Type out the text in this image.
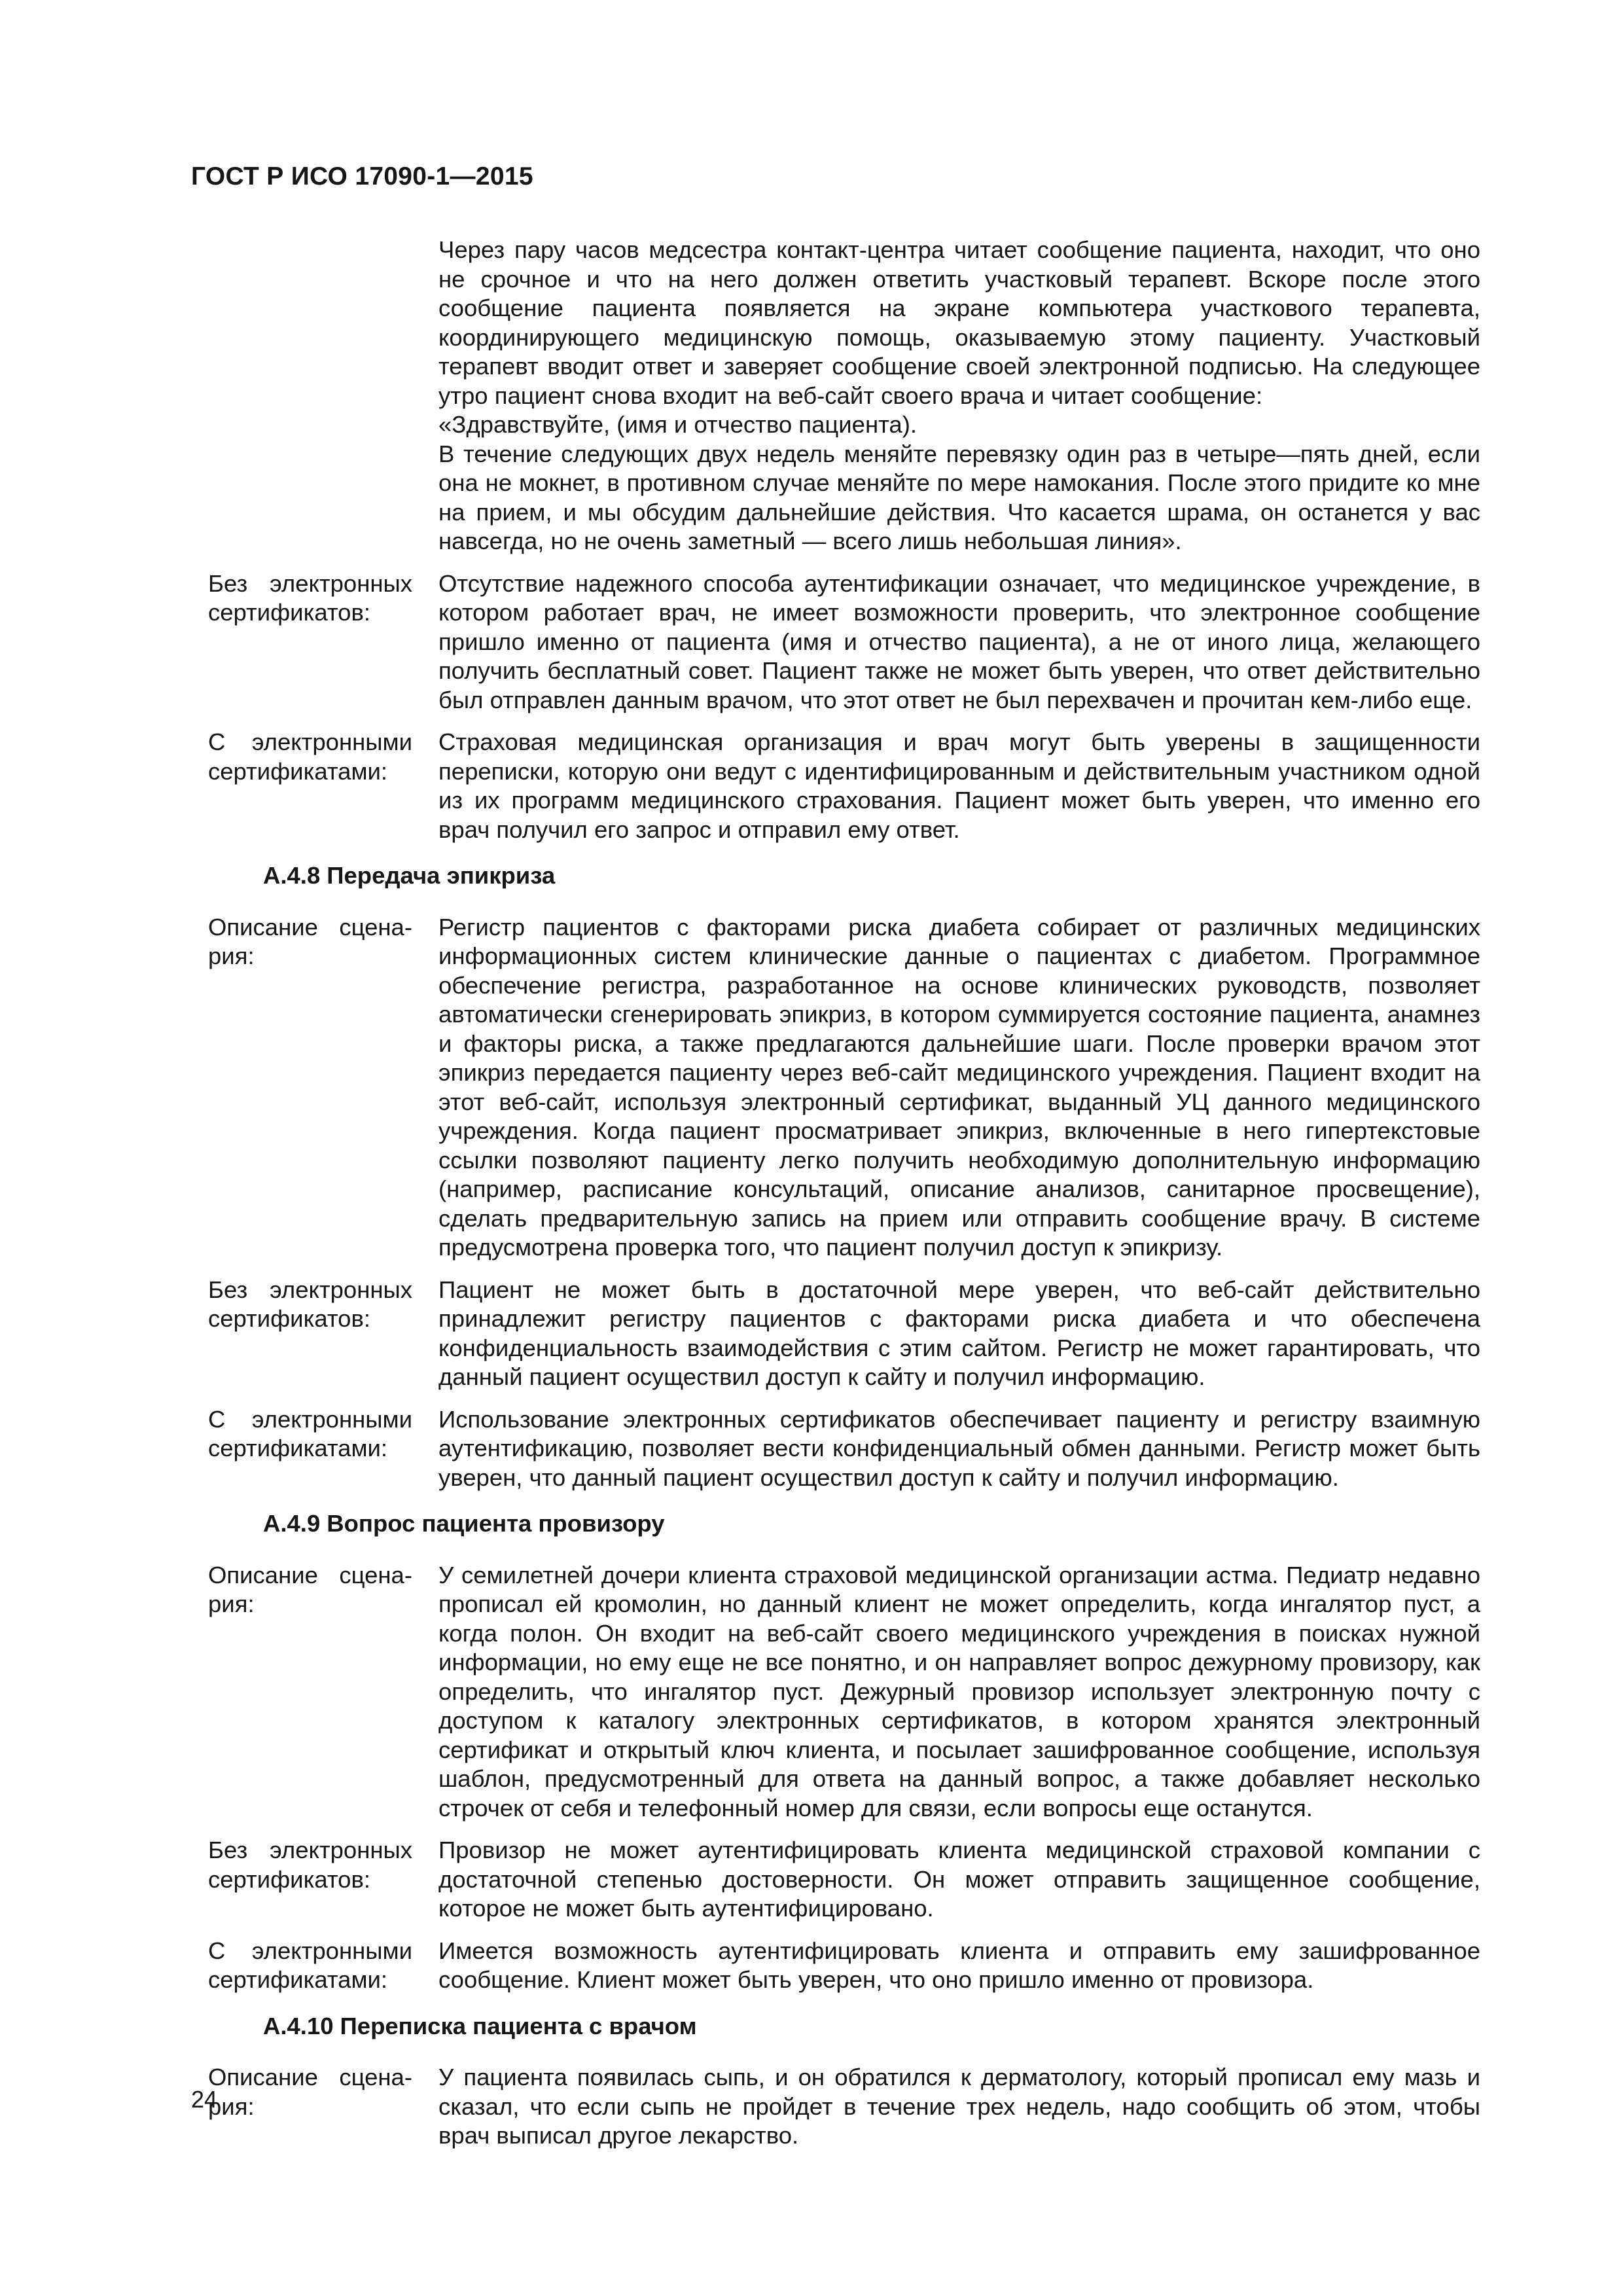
ГОСТ Р ИСО 17090-1—2015

Через пару часов медсестра контакт-центра читает сообщение пациента, находит, что оно не срочное и что на него должен ответить участковый терапевт. Вскоре после этого сообщение пациента появляется на экране компьютера участкового терапевта, координирующего медицинскую помощь, оказываемую этому пациенту. Участковый терапевт вводит ответ и заверяет сообщение своей электронной подписью. На следующее утро пациент снова входит на веб-сайт своего врача и читает сообщение:

«Здравствуйте, (имя и отчество пациента).

В течение следующих двух недель меняйте перевязку один раз в четыре—пять дней, если она не мокнет, в противном случае меняйте по мере намокания. После этого придите ко мне на прием, и мы обсудим дальнейшие действия. Что касается шрама, он останется у вас навсегда, но не очень заметный — всего лишь небольшая линия».

Без электронных
сертификатов:
Отсутствие надежного способа аутентификации означает, что медицинское учреждение, в котором работает врач, не имеет возможности проверить, что электронное сообщение пришло именно от пациента (имя и отчество пациента), а не от иного лица, желающего получить бесплатный совет. Пациент также не может быть уверен, что ответ действительно был отправлен данным врачом, что этот ответ не был перехвачен и прочитан кем-либо еще.
С электронными
сертификатами:
Страховая медицинская организация и врач могут быть уверены в защищенности переписки, которую они ведут с идентифицированным и действительным участником одной из их программ медицинского страхования. Пациент может быть уверен, что именно его врач получил его запрос и отправил ему ответ.
А.4.8 Передача эпикриза
Описание сцена-
рия:
Регистр пациентов с факторами риска диабета собирает от различных медицинских информационных систем клинические данные о пациентах с диабетом. Программное обеспечение регистра, разработанное на основе клинических руководств, позволяет автоматически сгенерировать эпикриз, в котором суммируется состояние пациента, анамнез и факторы риска, а также предлагаются дальнейшие шаги. После проверки врачом этот эпикриз передается пациенту через веб-сайт медицинского учреждения. Пациент входит на этот веб-сайт, используя электронный сертификат, выданный УЦ данного медицинского учреждения. Когда пациент просматривает эпикриз, включенные в него гипертекстовые ссылки позволяют пациенту легко получить необходимую дополнительную информацию (например, расписание консультаций, описание анализов, санитарное просвещение), сделать предварительную запись на прием или отправить сообщение врачу. В системе предусмотрена проверка того, что пациент получил доступ к эпикризу.
Без электронных
сертификатов:
Пациент не может быть в достаточной мере уверен, что веб-сайт действительно принадлежит регистру пациентов с факторами риска диабета и что обеспечена конфиденциальность взаимодействия с этим сайтом. Регистр не может гарантировать, что данный пациент осуществил доступ к сайту и получил информацию.
С электронными
сертификатами:
Использование электронных сертификатов обеспечивает пациенту и регистру взаимную аутентификацию, позволяет вести конфиденциальный обмен данными. Регистр может быть уверен, что данный пациент осуществил доступ к сайту и получил информацию.
А.4.9 Вопрос пациента провизору
Описание сцена-
рия:
У семилетней дочери клиента страховой медицинской организации астма. Педиатр недавно прописал ей кромолин, но данный клиент не может определить, когда ингалятор пуст, а когда полон. Он входит на веб-сайт своего медицинского учреждения в поисках нужной информации, но ему еще не все понятно, и он направляет вопрос дежурному провизору, как определить, что ингалятор пуст. Дежурный провизор использует электронную почту с доступом к каталогу электронных сертификатов, в котором хранятся электронный сертификат и открытый ключ клиента, и посылает зашифрованное сообщение, используя шаблон, предусмотренный для ответа на данный вопрос, а также добавляет несколько строчек от себя и телефонный номер для связи, если вопросы еще останутся.
Без электронных
сертификатов:
Провизор не может аутентифицировать клиента медицинской страховой компании с достаточной степенью достоверности. Он может отправить защищенное сообщение, которое не может быть аутентифицировано.
С электронными
сертификатами:
Имеется возможность аутентифицировать клиента и отправить ему зашифрованное сообщение. Клиент может быть уверен, что оно пришло именно от провизора.
А.4.10 Переписка пациента с врачом
Описание сцена-
рия:
У пациента появилась сыпь, и он обратился к дерматологу, который прописал ему мазь и сказал, что если сыпь не пройдет в течение трех недель, надо сообщить об этом, чтобы врач выписал другое лекарство.
24
